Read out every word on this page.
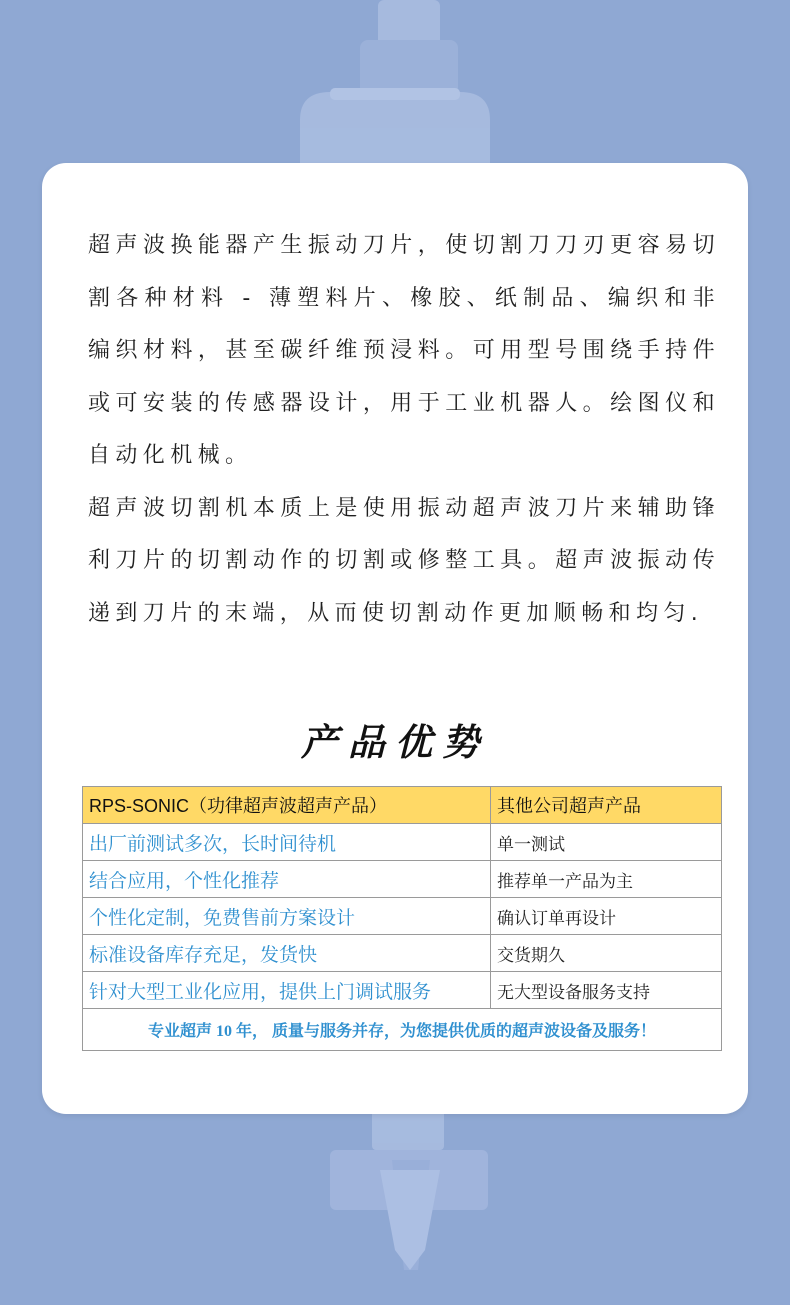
超声波换能器产生振动刀片，使切割刀刀刃更容易切割各种材料 - 薄塑料片、橡胶、纸制品、编织和非编织材料，甚至碳纤维预浸料。可用型号围绕手持件或可安装的传感器设计，用于工业机器人。绘图仪和自动化机械。

超声波切割机本质上是使用振动超声波刀片来辅助锋利刀片的切割动作的切割或修整工具。超声波振动传递到刀片的末端，从而使切割动作更加顺畅和均匀.

产品优势
RPS-SONIC（功律超声波超声产品）	其他公司超声产品
出厂前测试多次，长时间待机	单一测试
结合应用，个性化推荐	推荐单一产品为主
个性化定制，免费售前方案设计	确认订单再设计
标准设备库存充足，发货快	交货期久
针对大型工业化应用，提供上门调试服务	无大型设备服务支持
专业超声 10 年， 质量与服务并存，为您提供优质的超声波设备及服务！	
